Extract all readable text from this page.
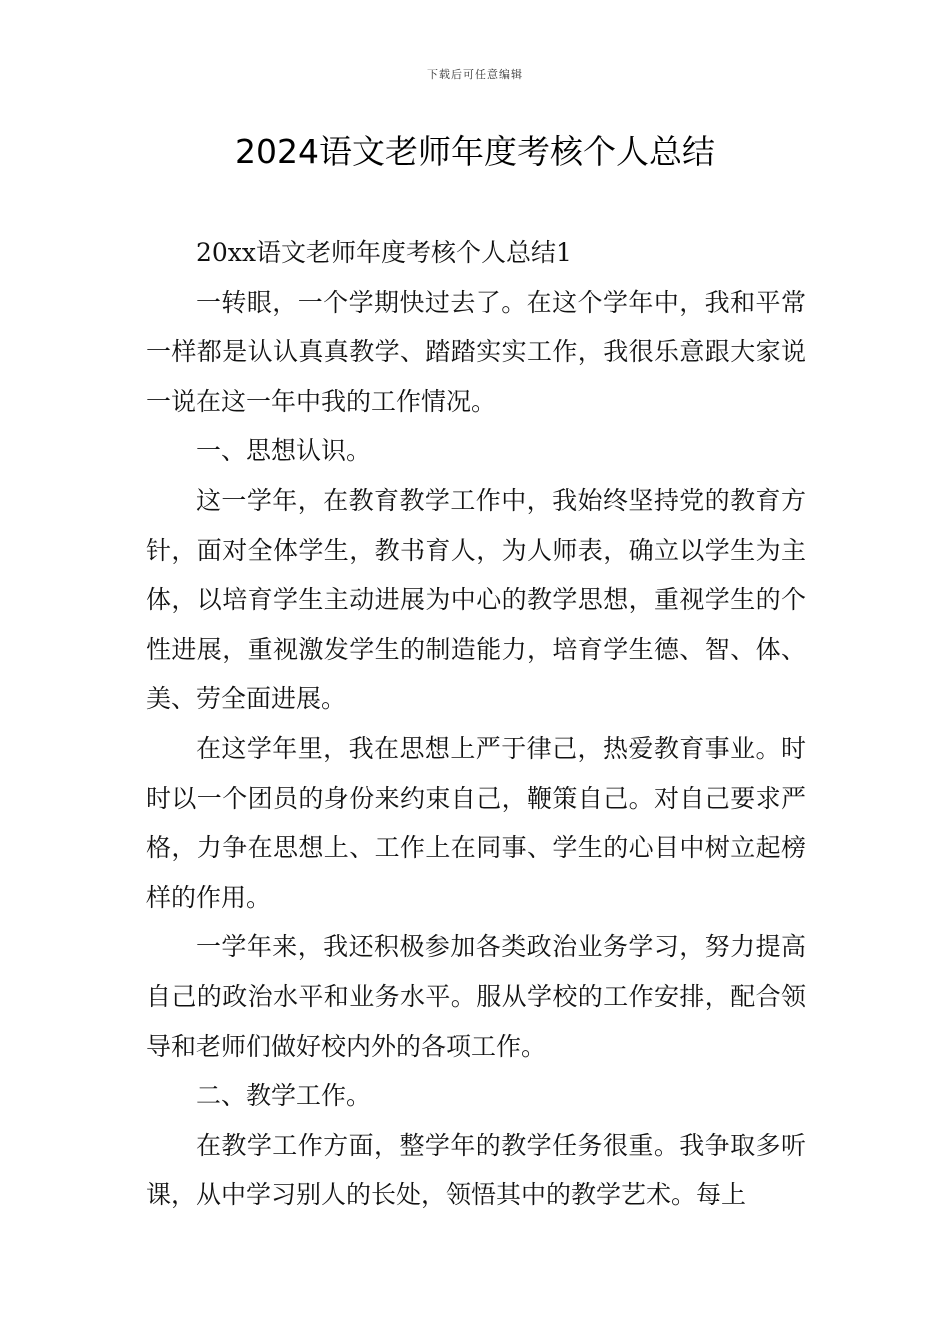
下载后可任意编辑
2024语文老师年度考核个人总结

20xx语文老师年度考核个人总结1

一转眼，一个学期快过去了。在这个学年中，我和平常一样都是认认真真教学、踏踏实实工作，我很乐意跟大家说一说在这一年中我的工作情况。

一、思想认识。

这一学年，在教育教学工作中，我始终坚持党的教育方针，面对全体学生，教书育人，为人师表，确立以学生为主体，以培育学生主动进展为中心的教学思想，重视学生的个性进展，重视激发学生的制造能力，培育学生德、智、体、美、劳全面进展。

在这学年里，我在思想上严于律己，热爱教育事业。时时以一个团员的身份来约束自己，鞭策自己。对自己要求严格，力争在思想上、工作上在同事、学生的心目中树立起榜样的作用。

一学年来，我还积极参加各类政治业务学习，努力提高自己的政治水平和业务水平。服从学校的工作安排，配合领导和老师们做好校内外的各项工作。

二、教学工作。

在教学工作方面，整学年的教学任务很重。我争取多听课，从中学习别人的长处，领悟其中的教学艺术。每上
